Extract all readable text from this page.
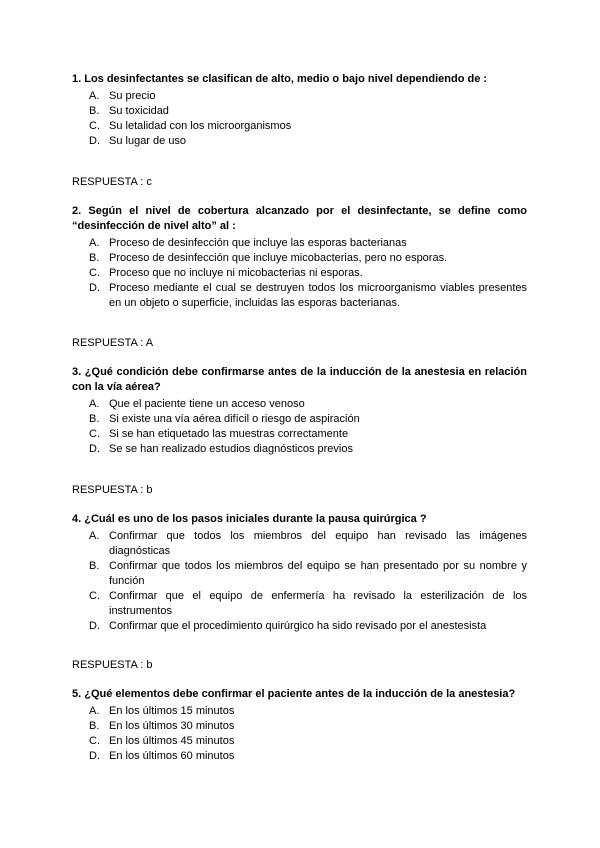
1. Los desinfectantes se clasifican de alto, medio o bajo nivel dependiendo de :
A. Su precio
B. Su toxicidad
C. Su letalidad con los microorganismos
D. Su lugar de uso
RESPUESTA : c
2. Según el nivel de cobertura alcanzado por el desinfectante, se define como “desinfección de nivel alto” al :
A. Proceso de desinfección que incluye las esporas bacterianas
B. Proceso de desinfección que incluye micobacterias, pero no esporas.
C. Proceso que no incluye ni micobacterias ni esporas.
D. Proceso mediante el cual se destruyen todos los microorganismo viables presentes en un objeto o superficie, incluidas las esporas bacterianas.
RESPUESTA : A
3. ¿Qué condición debe confirmarse antes de la inducción de la anestesia en relación con la vía aérea?
A. Que el paciente tiene un acceso venoso
B. Si existe una vía aérea difícil o riesgo de aspiración
C. Si se han etiquetado las muestras correctamente
D. Se se han realizado estudios diagnósticos previos
RESPUESTA : b
4. ¿Cuál es uno de los pasos iniciales durante la pausa quirúrgica ?
A. Confirmar que todos los miembros del equipo han revisado las imágenes diagnósticas
B. Confirmar que todos los miembros del equipo se han presentado por su nombre y función
C. Confirmar que el equipo de enfermería ha revisado la esterilización de los instrumentos
D. Confirmar que el procedimiento quirúrgico ha sido revisado por el anestesista
RESPUESTA : b
5. ¿Qué elementos debe confirmar el paciente antes de la inducción de la anestesia?
A. En los últimos 15 minutos
B. En los últimos 30 minutos
C. En los últimos 45 minutos
D. En los últimos 60 minutos
